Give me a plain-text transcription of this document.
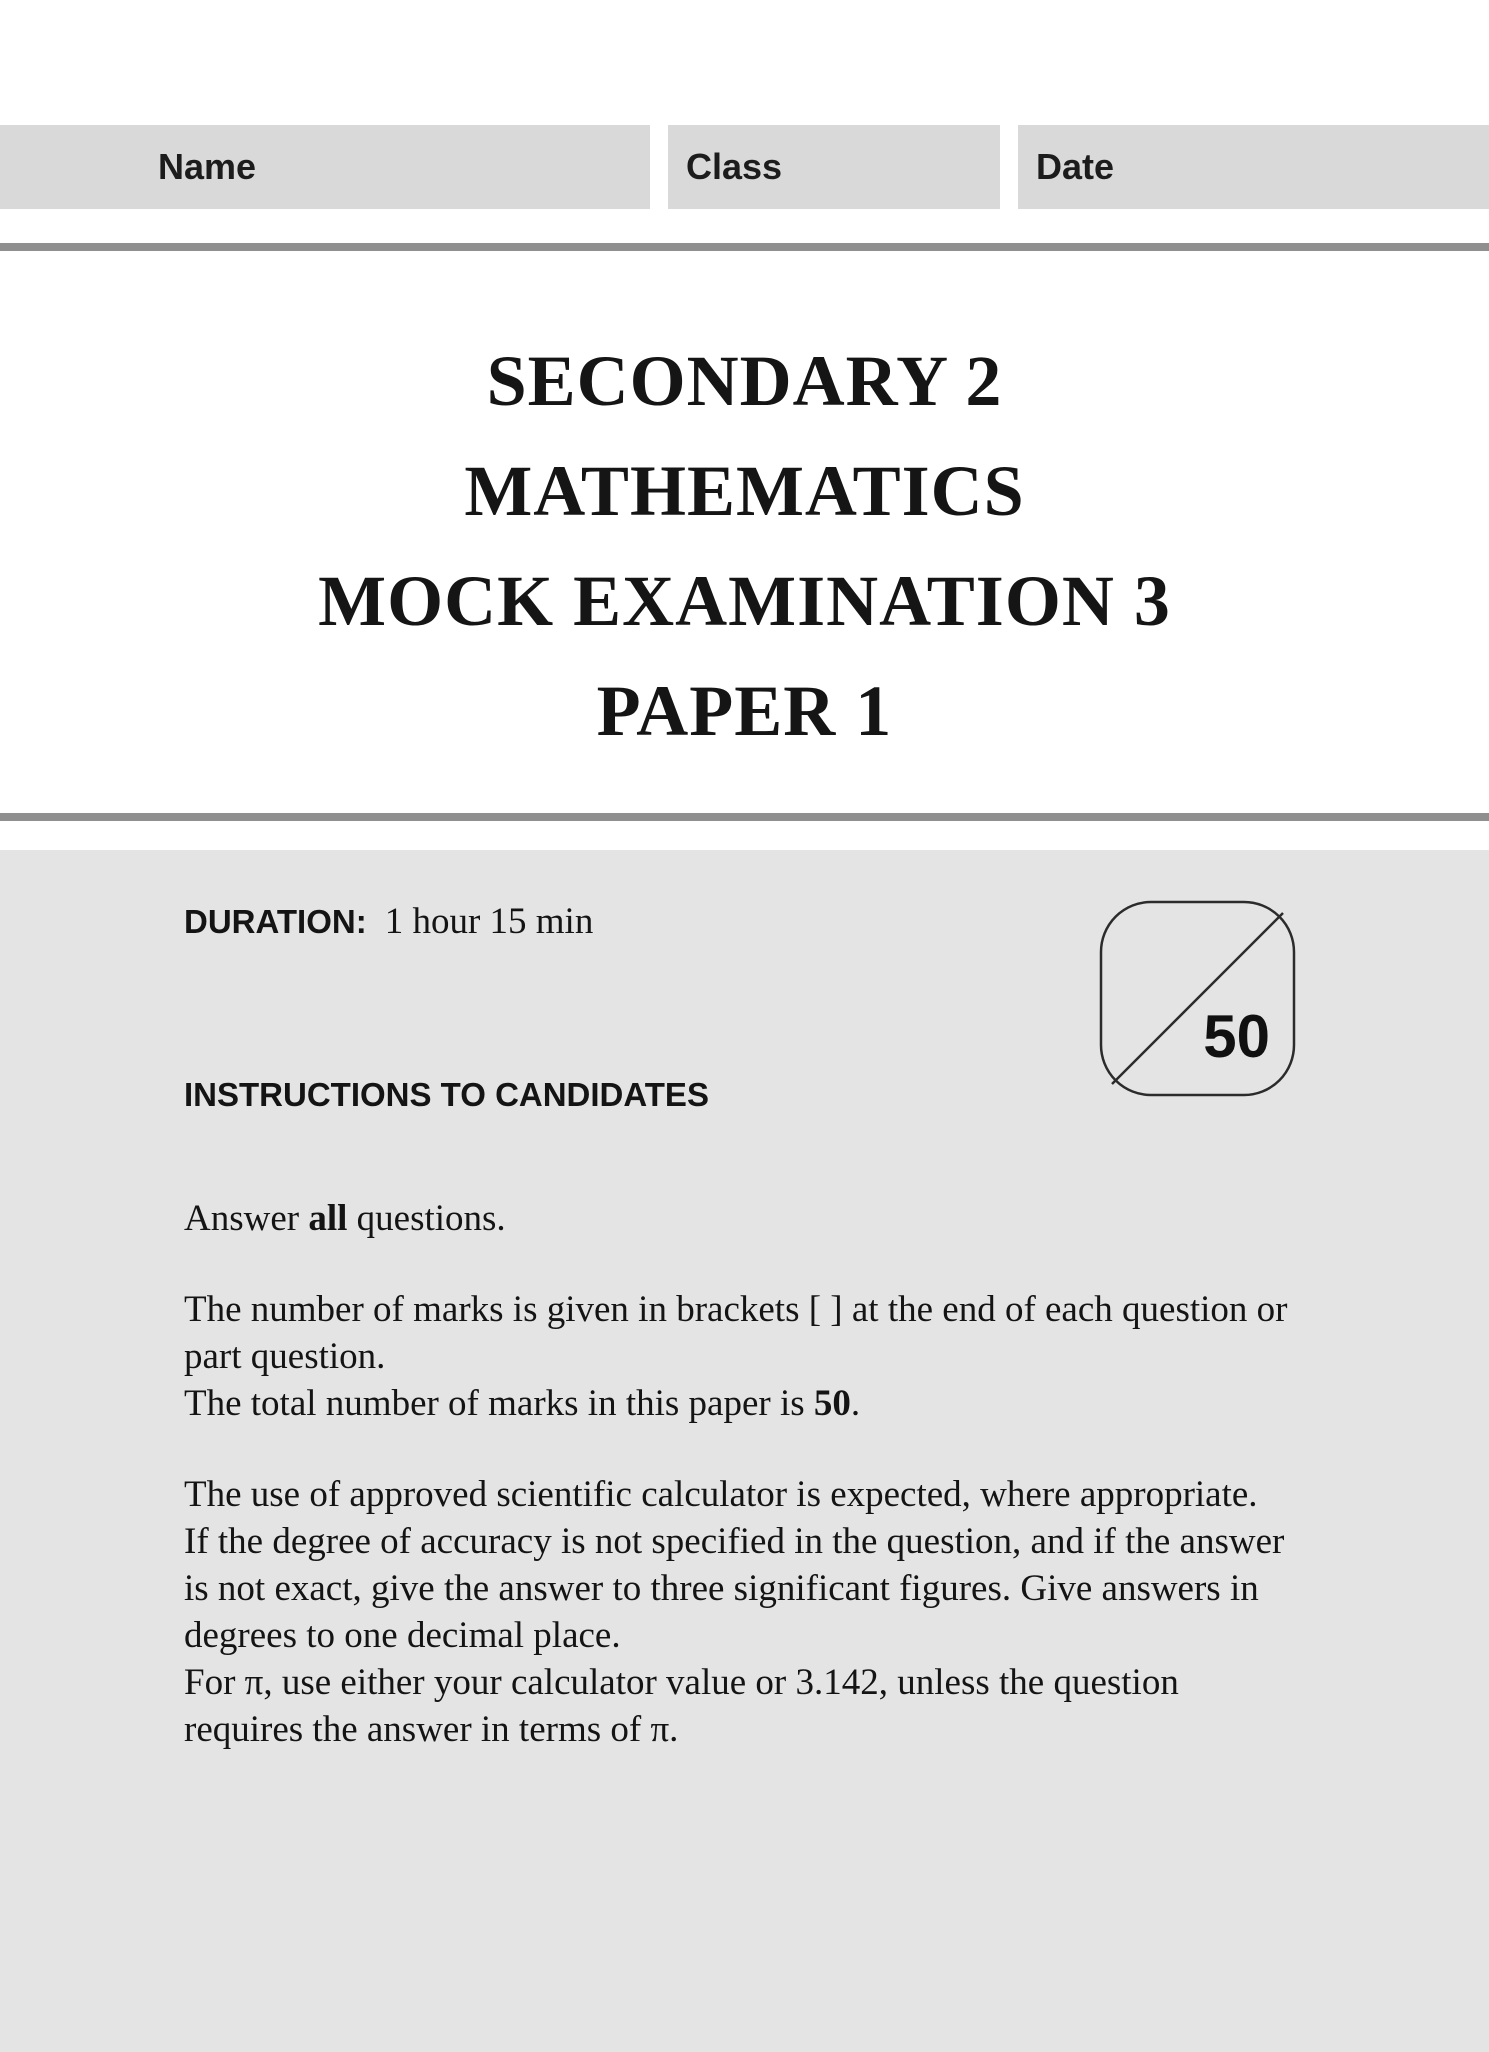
Name	Class	Date
SECONDARY 2
MATHEMATICS
MOCK EXAMINATION 3
PAPER 1
DURATION: 1 hour 15 min
50
INSTRUCTIONS TO CANDIDATES

Answer all questions.

The number of marks is given in brackets [ ] at the end of each question or
part question.
The total number of marks in this paper is 50.
The use of approved scientific calculator is expected, where appropriate.
If the degree of accuracy is not specified in the question, and if the answer
is not exact, give the answer to three significant figures. Give answers in
degrees to one decimal place.
For π, use either your calculator value or 3.142, unless the question
requires the answer in terms of π.
